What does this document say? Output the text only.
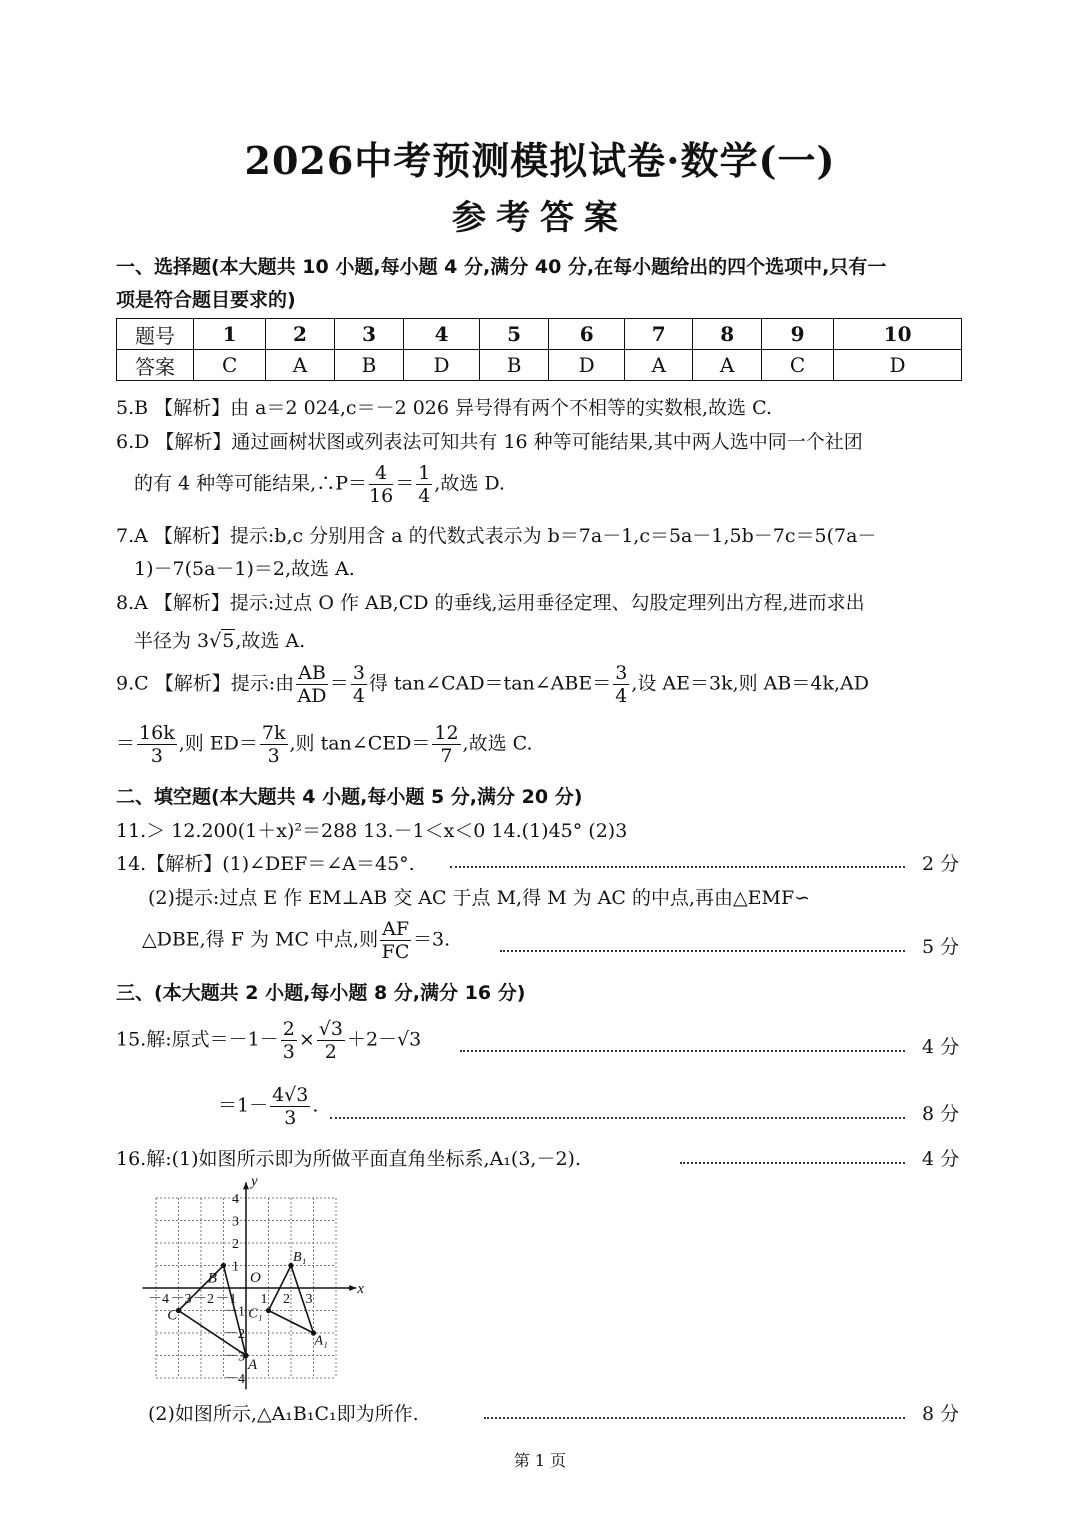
2026中考预测模拟试卷·数学(一)
参考答案
一、选择题(本大题共 10 小题,每小题 4 分,满分 40 分,在每小题给出的四个选项中,只有一
项是符合题目要求的)
题号	1	2	3	4	5	6	7	8	9	10
答案	C	A	B	D	B	D	A	A	C	D
5.B 【解析】由 a＝2 024,c＝－2 026 异号得有两个不相等的实数根,故选 C.
6.D 【解析】通过画树状图或列表法可知共有 16 种等可能结果,其中两人选中同一个社团
的有 4 种等可能结果,∴P＝ $\frac{4}{16} = \frac{1}{4}$ ,故选 D.
7.A 【解析】提示:b,c 分别用含 a 的代数式表示为 b＝7a－1,c＝5a－1,5b－7c＝5(7a－
1)－7(5a－1)＝2,故选 A.
8.A 【解析】提示:过点 O 作 AB,CD 的垂线,运用垂径定理、勾股定理列出方程,进而求出
半径为 3√5,故选 A.
9.C 【解析】提示:由 $\frac{AB}{AD} = \frac{3}{4}$ 得 tan∠CAD＝tan∠ABE＝ $\frac{3}{4}$ ,设 AE＝3k,则 AB＝4k,AD
＝ $\frac{16k}{3}$ ,则 $ED= \frac{7k}{3}$ ,则 tan∠CED＝ $\frac{12}{7}$ ,故选 C.
二、填空题(本大题共 4 小题,每小题 5 分,满分 20 分)
11.＞ 12.200(1＋x)²＝288 13.－1＜x＜0 14.(1)45° (2)3
14.【解析】(1)∠DEF＝∠A＝45°.	2 分
(2)提示:过点 E 作 EM⊥AB 交 AC 于点 M,得 M 为 AC 的中点,再由△EMF∽
△DBE,得 F 为 MC 中点,则 $\frac{AF}{FC} =3$.	5 分
三、(本大题共 2 小题,每小题 8 分,满分 16 分)
15.解:原式$=-1- \frac{2}{3} \times \frac{√3}{2} +2-√3$	4 分
$=1- \frac{4√3}{3}$ .	8 分
16.解:(1)如图所示即为所做平面直角坐标系,A₁(3,－2).	4 分
－4 －3 －2 －1 1 2 3
4
3
2
1
－1
－2
－3
－4
x
y
O
A
B
C
A₁
B₁
C₁
(2)如图所示,△A₁B₁C₁即为所作.	8 分
第 1 页
